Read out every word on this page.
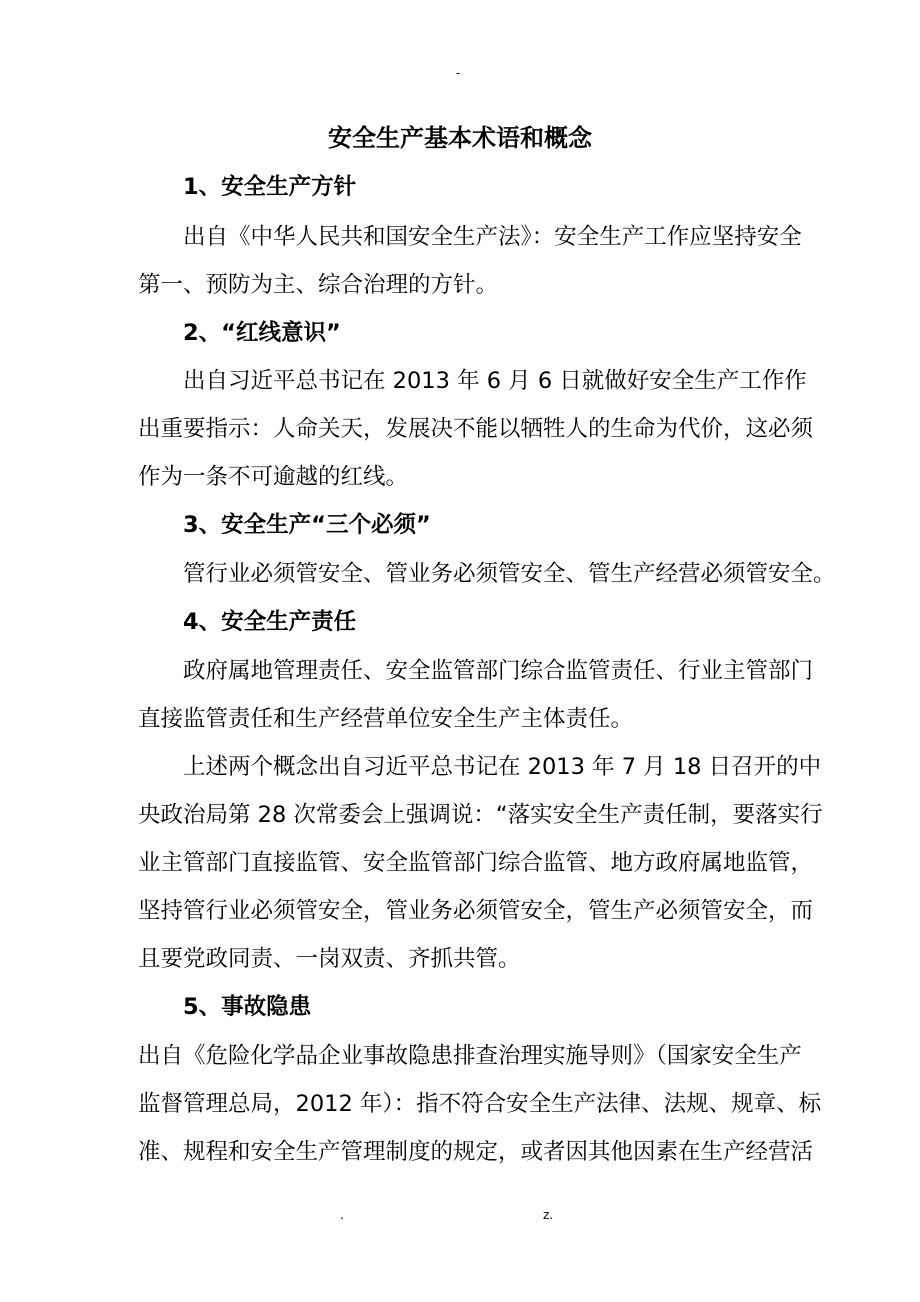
-
安全生产基本术语和概念
1、安全生产方针
出自《中华人民共和国安全生产法》：安全生产工作应坚持安全
第一、预防为主、综合治理的方针。
2、“红线意识”
出自习近平总书记在 2013 年 6 月 6 日就做好安全生产工作作
出重要指示：人命关天，发展决不能以牺牲人的生命为代价，这必须
作为一条不可逾越的红线。
3、安全生产“三个必须”
管行业必须管安全、管业务必须管安全、管生产经营必须管安全。
4、安全生产责任
政府属地管理责任、安全监管部门综合监管责任、行业主管部门
直接监管责任和生产经营单位安全生产主体责任。
上述两个概念出自习近平总书记在 2013 年 7 月 18 日召开的中
央政治局第 28 次常委会上强调说：“落实安全生产责任制，要落实行
业主管部门直接监管、安全监管部门综合监管、地方政府属地监管，
坚持管行业必须管安全，管业务必须管安全，管生产必须管安全，而
且要党政同责、一岗双责、齐抓共管。
5、事故隐患
出自《危险化学品企业事故隐患排查治理实施导则》（国家安全生产
监督管理总局，2012 年）：指不符合安全生产法律、法规、规章、标
准、规程和安全生产管理制度的规定，或者因其他因素在生产经营活
.	z.
